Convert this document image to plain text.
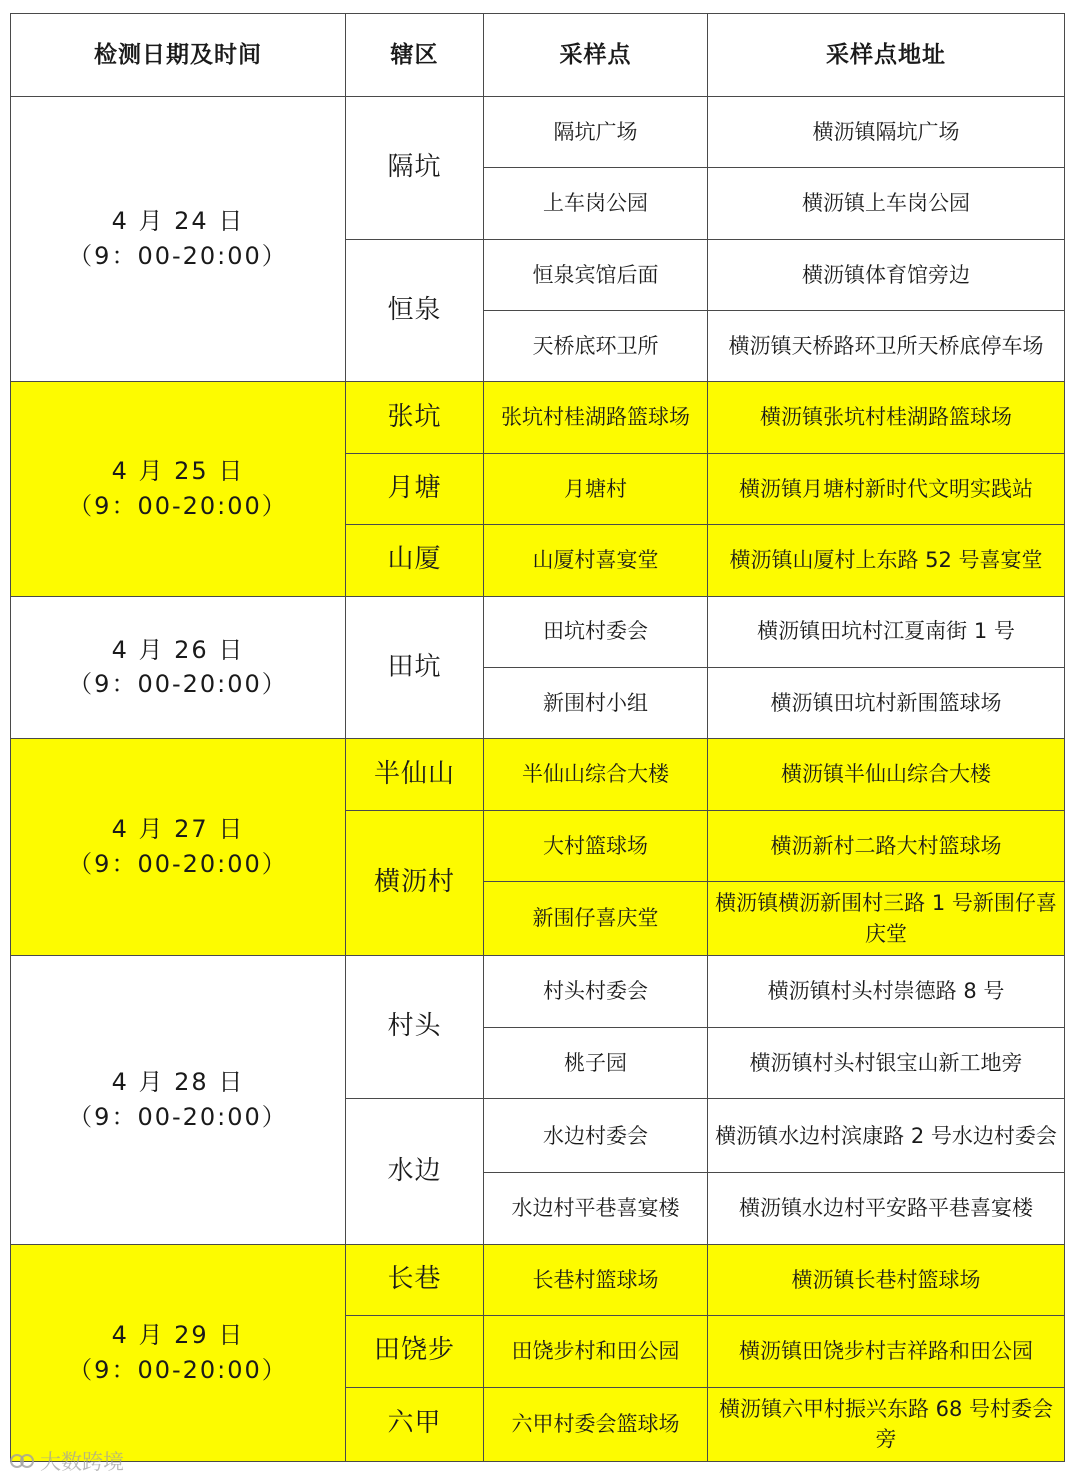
检测日期及时间	辖区	采样点	采样点地址

4 月 24 日
（9：00-20:00）	隔坑	隔坑广场	横沥镇隔坑广场
		上车岗公园	横沥镇上车岗公园
	恒泉	恒泉宾馆后面	横沥镇体育馆旁边
		天桥底环卫所	横沥镇天桥路环卫所天桥底停车场

4 月 25 日
（9：00-20:00）	张坑	张坑村桂湖路篮球场	横沥镇张坑村桂湖路篮球场
	月塘	月塘村	横沥镇月塘村新时代文明实践站
	山厦	山厦村喜宴堂	横沥镇山厦村上东路 52 号喜宴堂

4 月 26 日
（9：00-20:00）	田坑	田坑村委会	横沥镇田坑村江夏南街 1 号
		新围村小组	横沥镇田坑村新围篮球场

4 月 27 日
（9：00-20:00）	半仙山	半仙山综合大楼	横沥镇半仙山综合大楼
	横沥村	大村篮球场	横沥新村二路大村篮球场
		新围仔喜庆堂	横沥镇横沥新围村三路 1 号新围仔喜庆堂

4 月 28 日
（9：00-20:00）	村头	村头村委会	横沥镇村头村崇德路 8 号
		桃子园	横沥镇村头村银宝山新工地旁
	水边	水边村委会	横沥镇水边村滨康路 2 号水边村委会
		水边村平巷喜宴楼	横沥镇水边村平安路平巷喜宴楼

4 月 29 日
（9：00-20:00）	长巷	长巷村篮球场	横沥镇长巷村篮球场
	田饶步	田饶步村和田公园	横沥镇田饶步村吉祥路和田公园
	六甲	六甲村委会篮球场	横沥镇六甲村振兴东路 68 号村委会旁
大数跨境
